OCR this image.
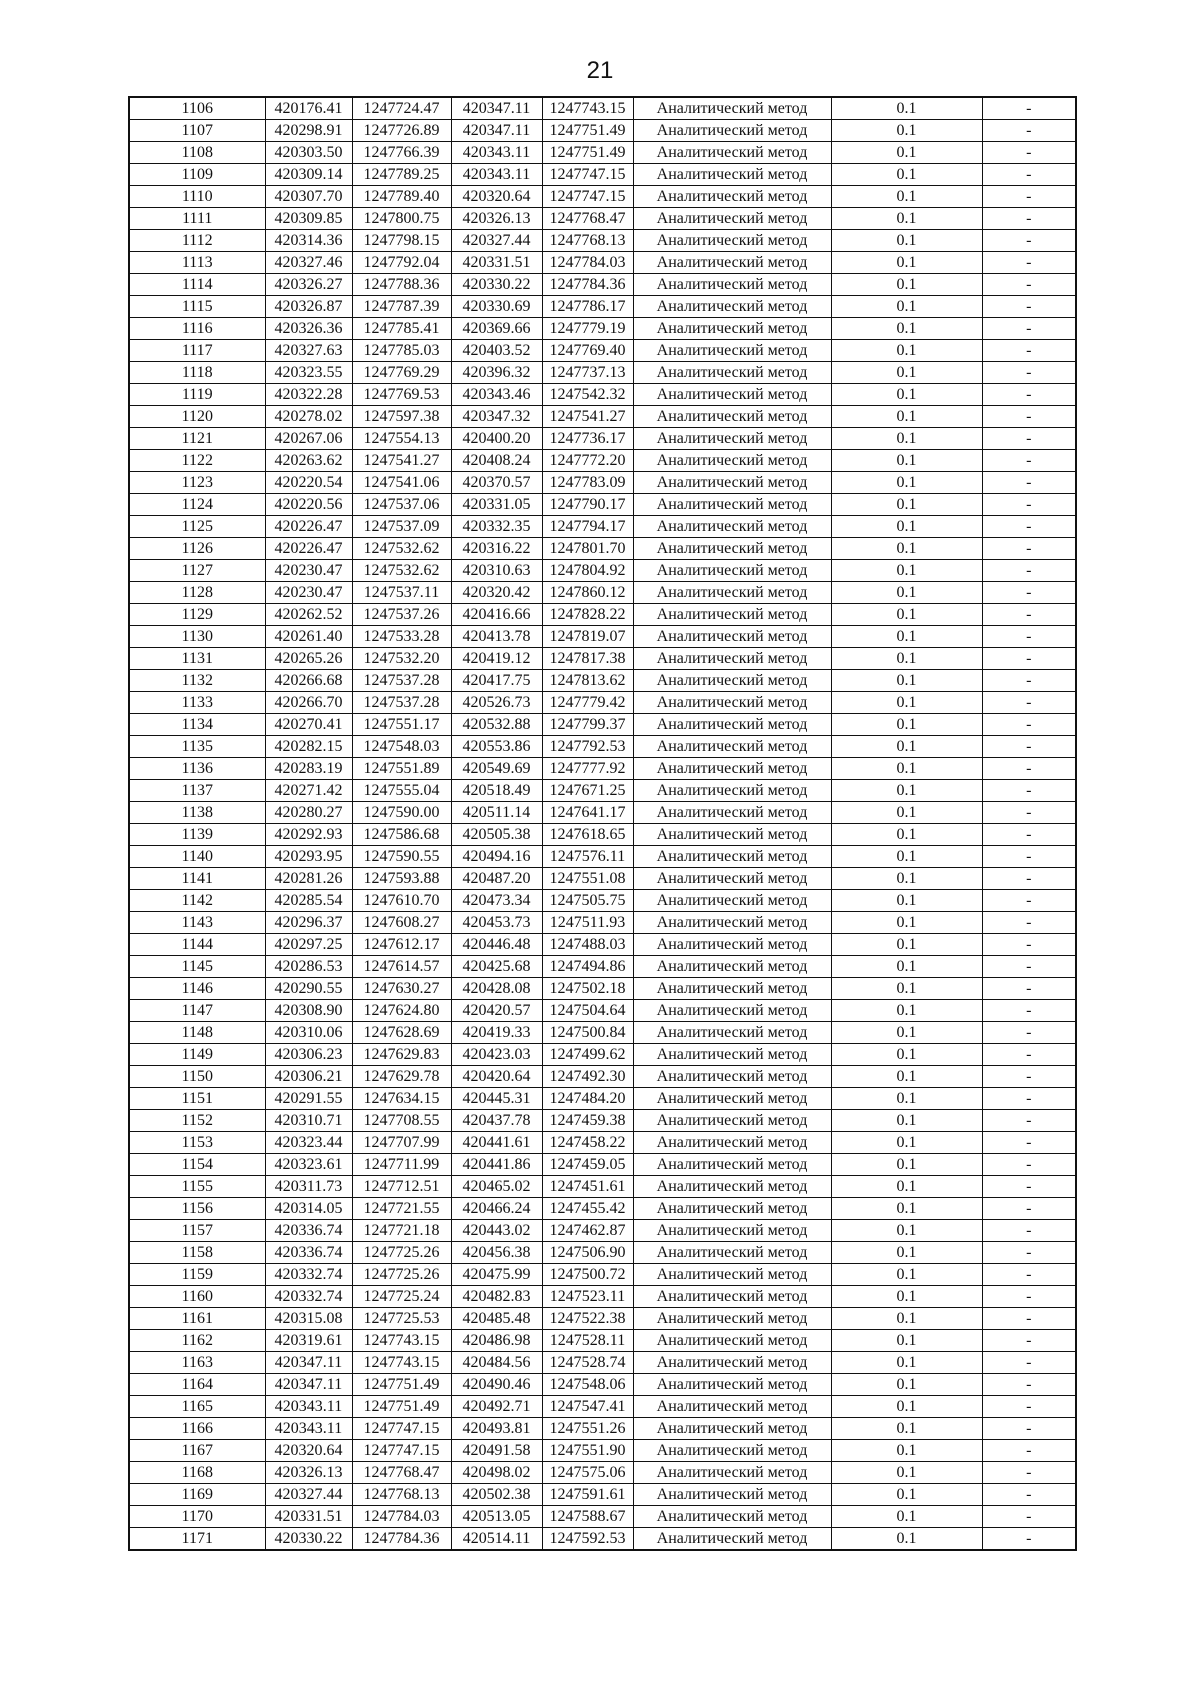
21
1106	420176.41	1247724.47	420347.11	1247743.15	Аналитический метод	0.1	-
1107	420298.91	1247726.89	420347.11	1247751.49	Аналитический метод	0.1	-
1108	420303.50	1247766.39	420343.11	1247751.49	Аналитический метод	0.1	-
1109	420309.14	1247789.25	420343.11	1247747.15	Аналитический метод	0.1	-
1110	420307.70	1247789.40	420320.64	1247747.15	Аналитический метод	0.1	-
1111	420309.85	1247800.75	420326.13	1247768.47	Аналитический метод	0.1	-
1112	420314.36	1247798.15	420327.44	1247768.13	Аналитический метод	0.1	-
1113	420327.46	1247792.04	420331.51	1247784.03	Аналитический метод	0.1	-
1114	420326.27	1247788.36	420330.22	1247784.36	Аналитический метод	0.1	-
1115	420326.87	1247787.39	420330.69	1247786.17	Аналитический метод	0.1	-
1116	420326.36	1247785.41	420369.66	1247779.19	Аналитический метод	0.1	-
1117	420327.63	1247785.03	420403.52	1247769.40	Аналитический метод	0.1	-
1118	420323.55	1247769.29	420396.32	1247737.13	Аналитический метод	0.1	-
1119	420322.28	1247769.53	420343.46	1247542.32	Аналитический метод	0.1	-
1120	420278.02	1247597.38	420347.32	1247541.27	Аналитический метод	0.1	-
1121	420267.06	1247554.13	420400.20	1247736.17	Аналитический метод	0.1	-
1122	420263.62	1247541.27	420408.24	1247772.20	Аналитический метод	0.1	-
1123	420220.54	1247541.06	420370.57	1247783.09	Аналитический метод	0.1	-
1124	420220.56	1247537.06	420331.05	1247790.17	Аналитический метод	0.1	-
1125	420226.47	1247537.09	420332.35	1247794.17	Аналитический метод	0.1	-
1126	420226.47	1247532.62	420316.22	1247801.70	Аналитический метод	0.1	-
1127	420230.47	1247532.62	420310.63	1247804.92	Аналитический метод	0.1	-
1128	420230.47	1247537.11	420320.42	1247860.12	Аналитический метод	0.1	-
1129	420262.52	1247537.26	420416.66	1247828.22	Аналитический метод	0.1	-
1130	420261.40	1247533.28	420413.78	1247819.07	Аналитический метод	0.1	-
1131	420265.26	1247532.20	420419.12	1247817.38	Аналитический метод	0.1	-
1132	420266.68	1247537.28	420417.75	1247813.62	Аналитический метод	0.1	-
1133	420266.70	1247537.28	420526.73	1247779.42	Аналитический метод	0.1	-
1134	420270.41	1247551.17	420532.88	1247799.37	Аналитический метод	0.1	-
1135	420282.15	1247548.03	420553.86	1247792.53	Аналитический метод	0.1	-
1136	420283.19	1247551.89	420549.69	1247777.92	Аналитический метод	0.1	-
1137	420271.42	1247555.04	420518.49	1247671.25	Аналитический метод	0.1	-
1138	420280.27	1247590.00	420511.14	1247641.17	Аналитический метод	0.1	-
1139	420292.93	1247586.68	420505.38	1247618.65	Аналитический метод	0.1	-
1140	420293.95	1247590.55	420494.16	1247576.11	Аналитический метод	0.1	-
1141	420281.26	1247593.88	420487.20	1247551.08	Аналитический метод	0.1	-
1142	420285.54	1247610.70	420473.34	1247505.75	Аналитический метод	0.1	-
1143	420296.37	1247608.27	420453.73	1247511.93	Аналитический метод	0.1	-
1144	420297.25	1247612.17	420446.48	1247488.03	Аналитический метод	0.1	-
1145	420286.53	1247614.57	420425.68	1247494.86	Аналитический метод	0.1	-
1146	420290.55	1247630.27	420428.08	1247502.18	Аналитический метод	0.1	-
1147	420308.90	1247624.80	420420.57	1247504.64	Аналитический метод	0.1	-
1148	420310.06	1247628.69	420419.33	1247500.84	Аналитический метод	0.1	-
1149	420306.23	1247629.83	420423.03	1247499.62	Аналитический метод	0.1	-
1150	420306.21	1247629.78	420420.64	1247492.30	Аналитический метод	0.1	-
1151	420291.55	1247634.15	420445.31	1247484.20	Аналитический метод	0.1	-
1152	420310.71	1247708.55	420437.78	1247459.38	Аналитический метод	0.1	-
1153	420323.44	1247707.99	420441.61	1247458.22	Аналитический метод	0.1	-
1154	420323.61	1247711.99	420441.86	1247459.05	Аналитический метод	0.1	-
1155	420311.73	1247712.51	420465.02	1247451.61	Аналитический метод	0.1	-
1156	420314.05	1247721.55	420466.24	1247455.42	Аналитический метод	0.1	-
1157	420336.74	1247721.18	420443.02	1247462.87	Аналитический метод	0.1	-
1158	420336.74	1247725.26	420456.38	1247506.90	Аналитический метод	0.1	-
1159	420332.74	1247725.26	420475.99	1247500.72	Аналитический метод	0.1	-
1160	420332.74	1247725.24	420482.83	1247523.11	Аналитический метод	0.1	-
1161	420315.08	1247725.53	420485.48	1247522.38	Аналитический метод	0.1	-
1162	420319.61	1247743.15	420486.98	1247528.11	Аналитический метод	0.1	-
1163	420347.11	1247743.15	420484.56	1247528.74	Аналитический метод	0.1	-
1164	420347.11	1247751.49	420490.46	1247548.06	Аналитический метод	0.1	-
1165	420343.11	1247751.49	420492.71	1247547.41	Аналитический метод	0.1	-
1166	420343.11	1247747.15	420493.81	1247551.26	Аналитический метод	0.1	-
1167	420320.64	1247747.15	420491.58	1247551.90	Аналитический метод	0.1	-
1168	420326.13	1247768.47	420498.02	1247575.06	Аналитический метод	0.1	-
1169	420327.44	1247768.13	420502.38	1247591.61	Аналитический метод	0.1	-
1170	420331.51	1247784.03	420513.05	1247588.67	Аналитический метод	0.1	-
1171	420330.22	1247784.36	420514.11	1247592.53	Аналитический метод	0.1	-
